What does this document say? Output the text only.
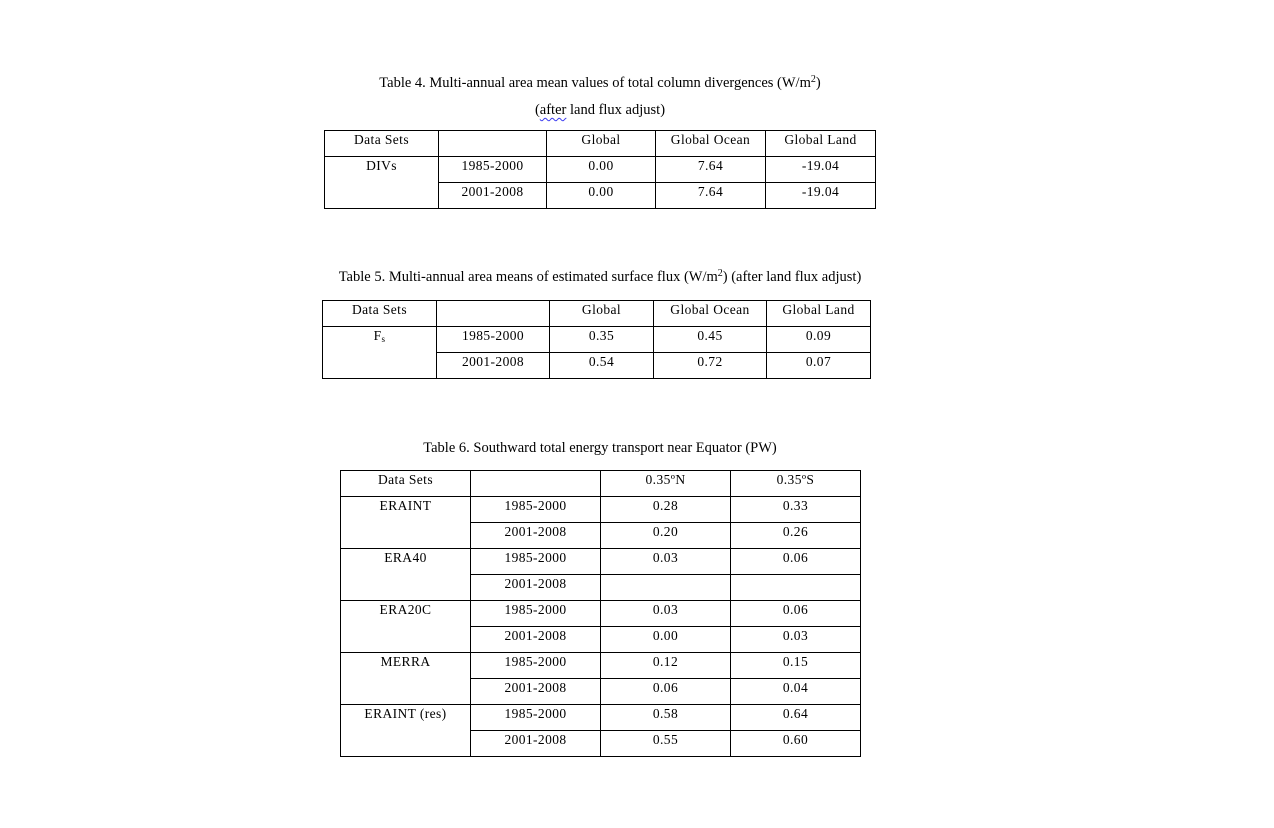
Table 4. Multi-annual area mean values of total column divergences $(W/m^2)$
(after land flux adjust)
Data Sets		Global	Global Ocean	Global Land
DIVs	1985-2000	0.00	7.64	-19.04
	2001-2008	0.00	7.64	-19.04
Table 5. Multi-annual area means of estimated surface flux $(W/m^2)$ (after land flux adjust)
Data Sets		Global	Global Ocean	Global Land
$F_s$	1985-2000	0.35	0.45	0.09
	2001-2008	0.54	0.72	0.07
Table 6. Southward total energy transport near Equator (PW)
Data Sets		0.35ºN	0.35ºS
ERAINT	1985-2000	0.28	0.33
	2001-2008	0.20	0.26
ERA40	1985-2000	0.03	0.06
	2001-2008		
ERA20C	1985-2000	0.03	0.06
	2001-2008	0.00	0.03
MERRA	1985-2000	0.12	0.15
	2001-2008	0.06	0.04
ERAINT (res)	1985-2000	0.58	0.64
	2001-2008	0.55	0.60
